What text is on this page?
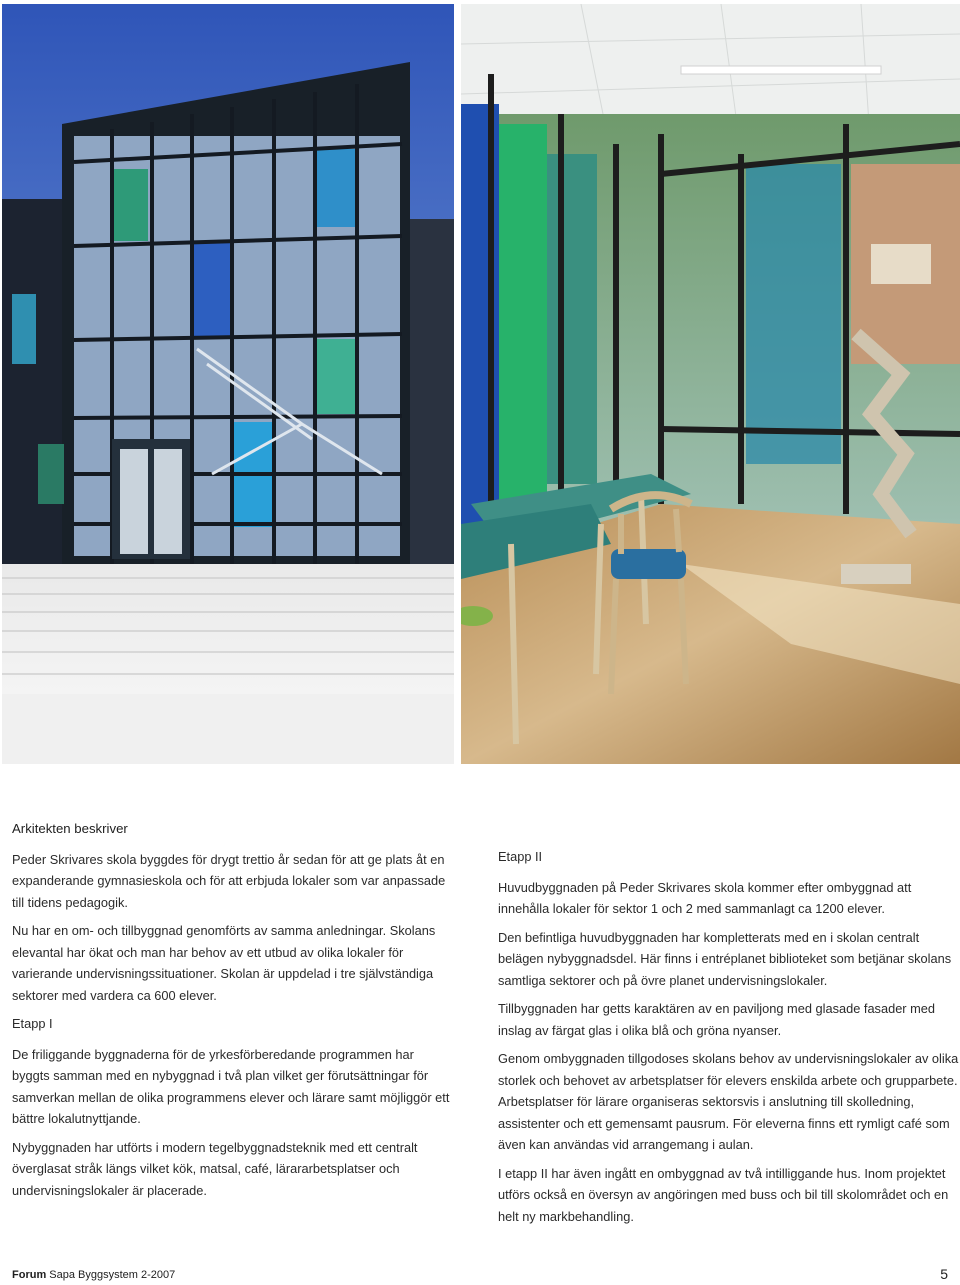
Arkitekten beskriver

Peder Skrivares skola byggdes för drygt trettio år sedan för att ge plats åt en expanderande gymnasieskola och för att erbjuda lokaler som var anpassade till tidens pedagogik.

Nu har en om- och tillbyggnad genomförts av samma anledningar. Skolans elevantal har ökat och man har behov av ett utbud av olika lokaler för varierande undervisningssituationer. Skolan är uppdelad i tre självständiga sektorer med vardera ca 600 elever.

Etapp I

De friliggande byggnaderna för de yrkesförberedande programmen har byggts samman med en nybyggnad i två plan vilket ger förutsättningar för samverkan mellan de olika programmens elever och lärare samt möjliggör ett bättre lokalutnyttjande.

Nybyggnaden har utförts i modern tegelbyggnadsteknik med ett centralt överglasat stråk längs vilket kök, matsal, café, lärararbetsplatser och undervisningslokaler är placerade.

Etapp II

Huvudbyggnaden på Peder Skrivares skola kommer efter ombyggnad att innehålla lokaler för sektor 1 och 2 med sammanlagt ca 1200 elever.

Den befintliga huvudbyggnaden har kompletterats med en i skolan centralt belägen nybyggnadsdel. Här finns i entréplanet biblioteket som betjänar skolans samtliga sektorer och på övre planet undervisningslokaler.

Tillbyggnaden har getts karaktären av en paviljong med glasade fasader med inslag av färgat glas i olika blå och gröna nyanser.

Genom ombyggnaden tillgodoses skolans behov av undervisningslokaler av olika storlek och behovet av arbetsplatser för elevers enskilda arbete och grupparbete. Arbetsplatser för lärare organiseras sektorsvis i anslutning till skolledning, assistenter och ett gemensamt pausrum. För eleverna finns ett rymligt café som även kan användas vid arrangemang i aulan.

I etapp II har även ingått en ombyggnad av två intilliggande hus. Inom projektet utförs också en översyn av angöringen med buss och bil till skolområdet och en helt ny markbehandling.

Forum Sapa Byggsystem 2-2007	5
